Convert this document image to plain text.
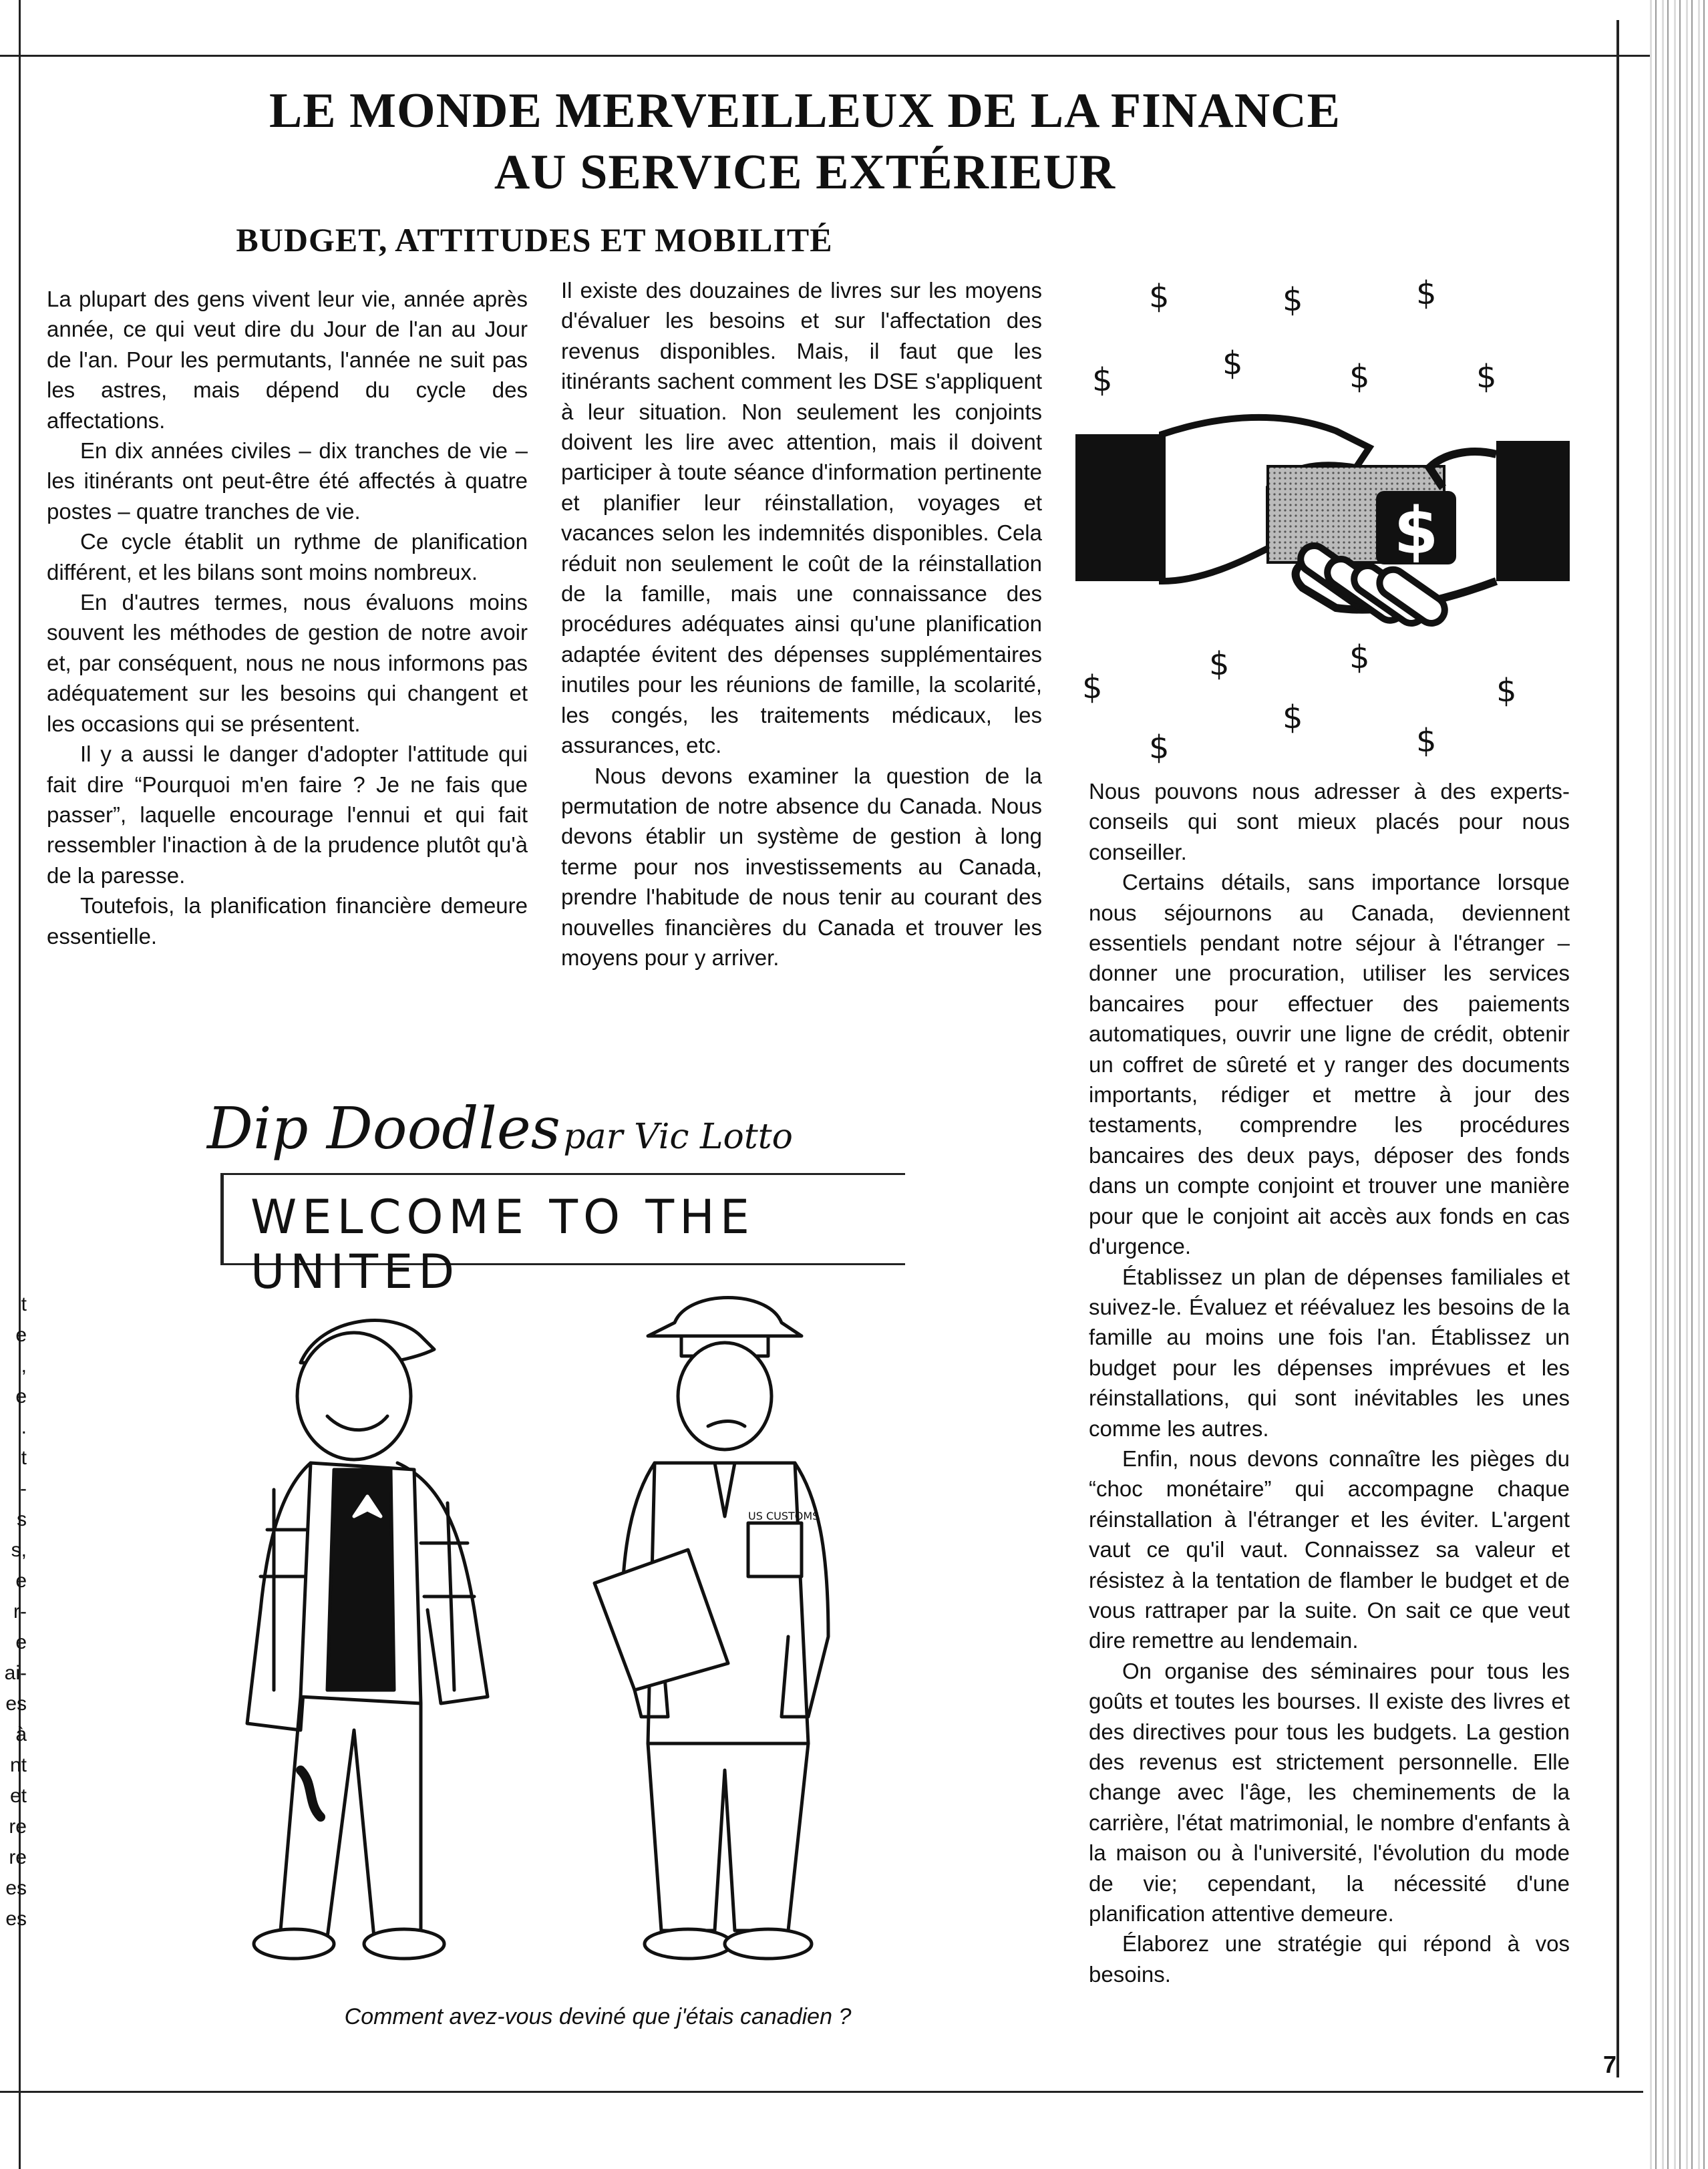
t
e
,
e
.
t
-
s
s,
e
r-
e
ai-
es
à
nt
et
re
re
es
es
LE MONDE MERVEILLEUX DE LA FINANCE
AU SERVICE EXTÉRIEUR
BUDGET, ATTITUDES ET MOBILITÉ

La plupart des gens vivent leur vie, année après année, ce qui veut dire du Jour de l'an au Jour de l'an. Pour les permutants, l'année ne suit pas les astres, mais dépend du cycle des affectations.

En dix années civiles – dix tranches de vie – les itinérants ont peut-être été affectés à quatre postes – quatre tranches de vie.

Ce cycle établit un rythme de planification différent, et les bilans sont moins nombreux.

En d'autres termes, nous évaluons moins souvent les méthodes de gestion de notre avoir et, par conséquent, nous ne nous informons pas adéquatement sur les besoins qui changent et les occasions qui se présentent.

Il y a aussi le danger d'adopter l'attitude qui fait dire “Pourquoi m'en faire ? Je ne fais que passer”, laquelle encourage l'ennui et qui fait ressembler l'inaction à de la prudence plutôt qu'à de la paresse.

Toutefois, la planification financière demeure essentielle.

Il existe des douzaines de livres sur les moyens d'évaluer les besoins et sur l'affectation des revenus disponibles. Mais, il faut que les itinérants sachent comment les DSE s'appliquent à leur situation. Non seulement les conjoints doivent les lire avec attention, mais il doivent participer à toute séance d'information pertinente et planifier leur réinstallation, voyages et vacances selon les indemnités disponibles. Cela réduit non seulement le coût de la réinstallation de la famille, mais une connaissance des procédures adéquates ainsi qu'une planification adaptée évitent des dépenses supplémentaires inutiles pour les réunions de famille, la scolarité, les congés, les traitements médicaux, les assurances, etc.

Nous devons examiner la question de la permutation de notre absence du Canada. Nous devons établir un système de gestion à long terme pour nos investissements au Canada, prendre l'habitude de nous tenir au courant des nouvelles financières du Canada et trouver les moyens pour y arriver.

Nous pouvons nous adresser à des experts-conseils qui sont mieux placés pour nous conseiller.

Certains détails, sans importance lorsque nous séjournons au Canada, deviennent essentiels pendant notre séjour à l'étranger – donner une procuration, utiliser les services bancaires pour effectuer des paiements automatiques, ouvrir une ligne de crédit, obtenir un coffret de sûreté et y ranger des documents importants, rédiger et mettre à jour des testaments, comprendre les procédures bancaires des deux pays, déposer des fonds dans un compte conjoint et trouver une manière pour que le conjoint ait accès aux fonds en cas d'urgence.

Établissez un plan de dépenses familiales et suivez-le. Évaluez et réévaluez les besoins de la famille au moins une fois l'an. Établissez un budget pour les dépenses imprévues et les réinstallations, qui sont inévitables les unes comme les autres.

Enfin, nous devons connaître les pièges du “choc monétaire” qui accompagne chaque réinstallation à l'étranger et les éviter. L'argent vaut ce qu'il vaut. Connaissez sa valeur et résistez à la tentation de flamber le budget et de vous rattraper par la suite. On sait ce que veut dire remettre au lendemain.

On organise des séminaires pour tous les goûts et toutes les bourses. Il existe des livres et des directives pour tous les budgets. La gestion des revenus est strictement personnelle. Elle change avec l'âge, les cheminements de la carrière, l'état matrimonial, le nombre d'enfants à la maison ou à l'université, l'évolution du mode de vie; cependant, la nécessité d'une planification attentive demeure.

Élaborez une stratégie qui répond à vos besoins.

$	$	$
$	$	$	$
$
$	$
$
$
$	$
$
Dip Doodles par Vic Lotto
WELCOME TO THE UNITED
US CUSTOMS
Comment avez-vous deviné que j'étais canadien ?
7
